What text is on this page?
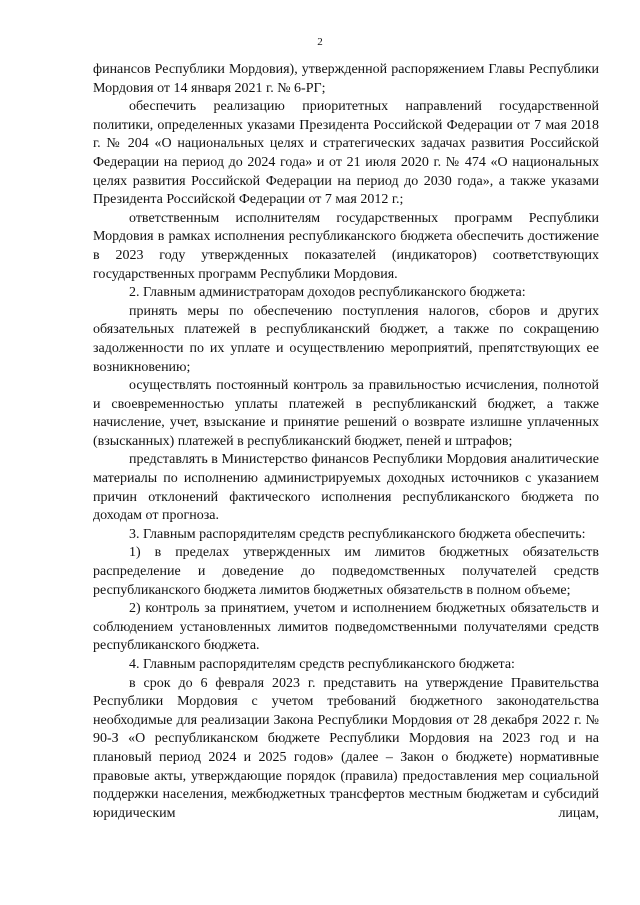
2

финансов Республики Мордовия), утвержденной распоряжением Главы Республики Мордовия от 14 января 2021 г. № 6-РГ;

обеспечить реализацию приоритетных направлений государственной политики, определенных указами Президента Российской Федерации от 7 мая 2018 г. № 204 «О национальных целях и стратегических задачах развития Российской Федерации на период до 2024 года» и от 21 июля 2020 г. № 474 «О национальных целях развития Российской Федерации на период до 2030 года», а также указами Президента Российской Федерации от 7 мая 2012 г.;

ответственным исполнителям государственных программ Республики Мордовия в рамках исполнения республиканского бюджета обеспечить достижение в 2023 году утвержденных показателей (индикаторов) соответствующих государственных программ Республики Мордовия.

2. Главным администраторам доходов республиканского бюджета:

принять меры по обеспечению поступления налогов, сборов и других обязательных платежей в республиканский бюджет, а также по сокращению задолженности по их уплате и осуществлению мероприятий, препятствующих ее возникновению;

осуществлять постоянный контроль за правильностью исчисления, полнотой и своевременностью уплаты платежей в республиканский бюджет, а также начисление, учет, взыскание и принятие решений о возврате излишне уплаченных (взысканных) платежей в республиканский бюджет, пеней и штрафов;

представлять в Министерство финансов Республики Мордовия аналитические материалы по исполнению администрируемых доходных источников с указанием причин отклонений фактического исполнения республиканского бюджета по доходам от прогноза.

3. Главным распорядителям средств республиканского бюджета обеспечить:

1) в пределах утвержденных им лимитов бюджетных обязательств распределение и доведение до подведомственных получателей средств республиканского бюджета лимитов бюджетных обязательств в полном объеме;

2) контроль за принятием, учетом и исполнением бюджетных обязательств и соблюдением установленных лимитов подведомственными получателями средств республиканского бюджета.

4. Главным распорядителям средств республиканского бюджета:

в срок до 6 февраля 2023 г. представить на утверждение Правительства Республики Мордовия с учетом требований бюджетного законодательства необходимые для реализации Закона Республики Мордовия от 28 декабря 2022 г. № 90-З «О республиканском бюджете Республики Мордовия на 2023 год и на плановый период 2024 и 2025 годов» (далее – Закон о бюджете) нормативные правовые акты, утверждающие порядок (правила) предоставления мер социальной поддержки населения, межбюджетных трансфертов местным бюджетам и субсидий юридическим лицам,
